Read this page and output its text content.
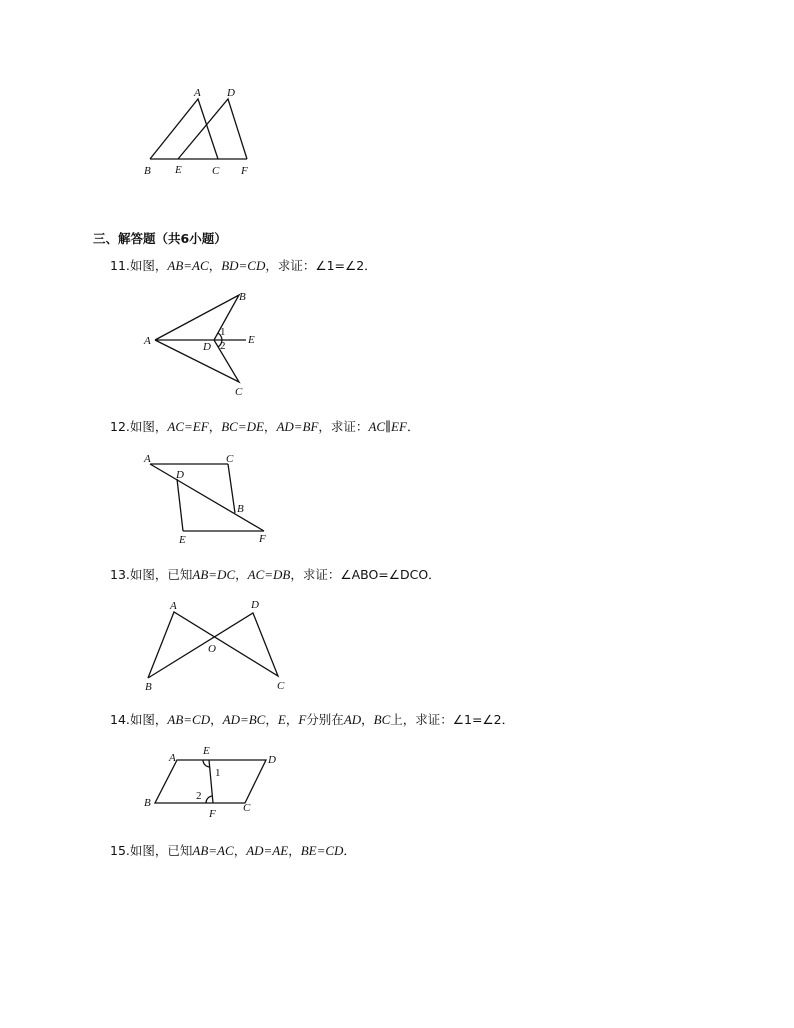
A D
B E	C F
三、解答题（共6小题）
11.如图，AB=AC，BD=CD，求证：∠1=∠2．
A
B
C
D
E
1
2
12.如图，AC=EF，BC=DE，AD=BF，求证：AC∥EF．
A	C
D
B
E	F
13.如图，已知AB=DC，AC=DB，求证：∠ABO=∠DCO．
A	D
O
B	C
14.如图，AB=CD，AD=BC，E，F分别在AD，BC上，求证：∠1=∠2．
A
E
D
B
F C
1
2
15.如图，已知AB=AC，AD=AE，BE=CD．
